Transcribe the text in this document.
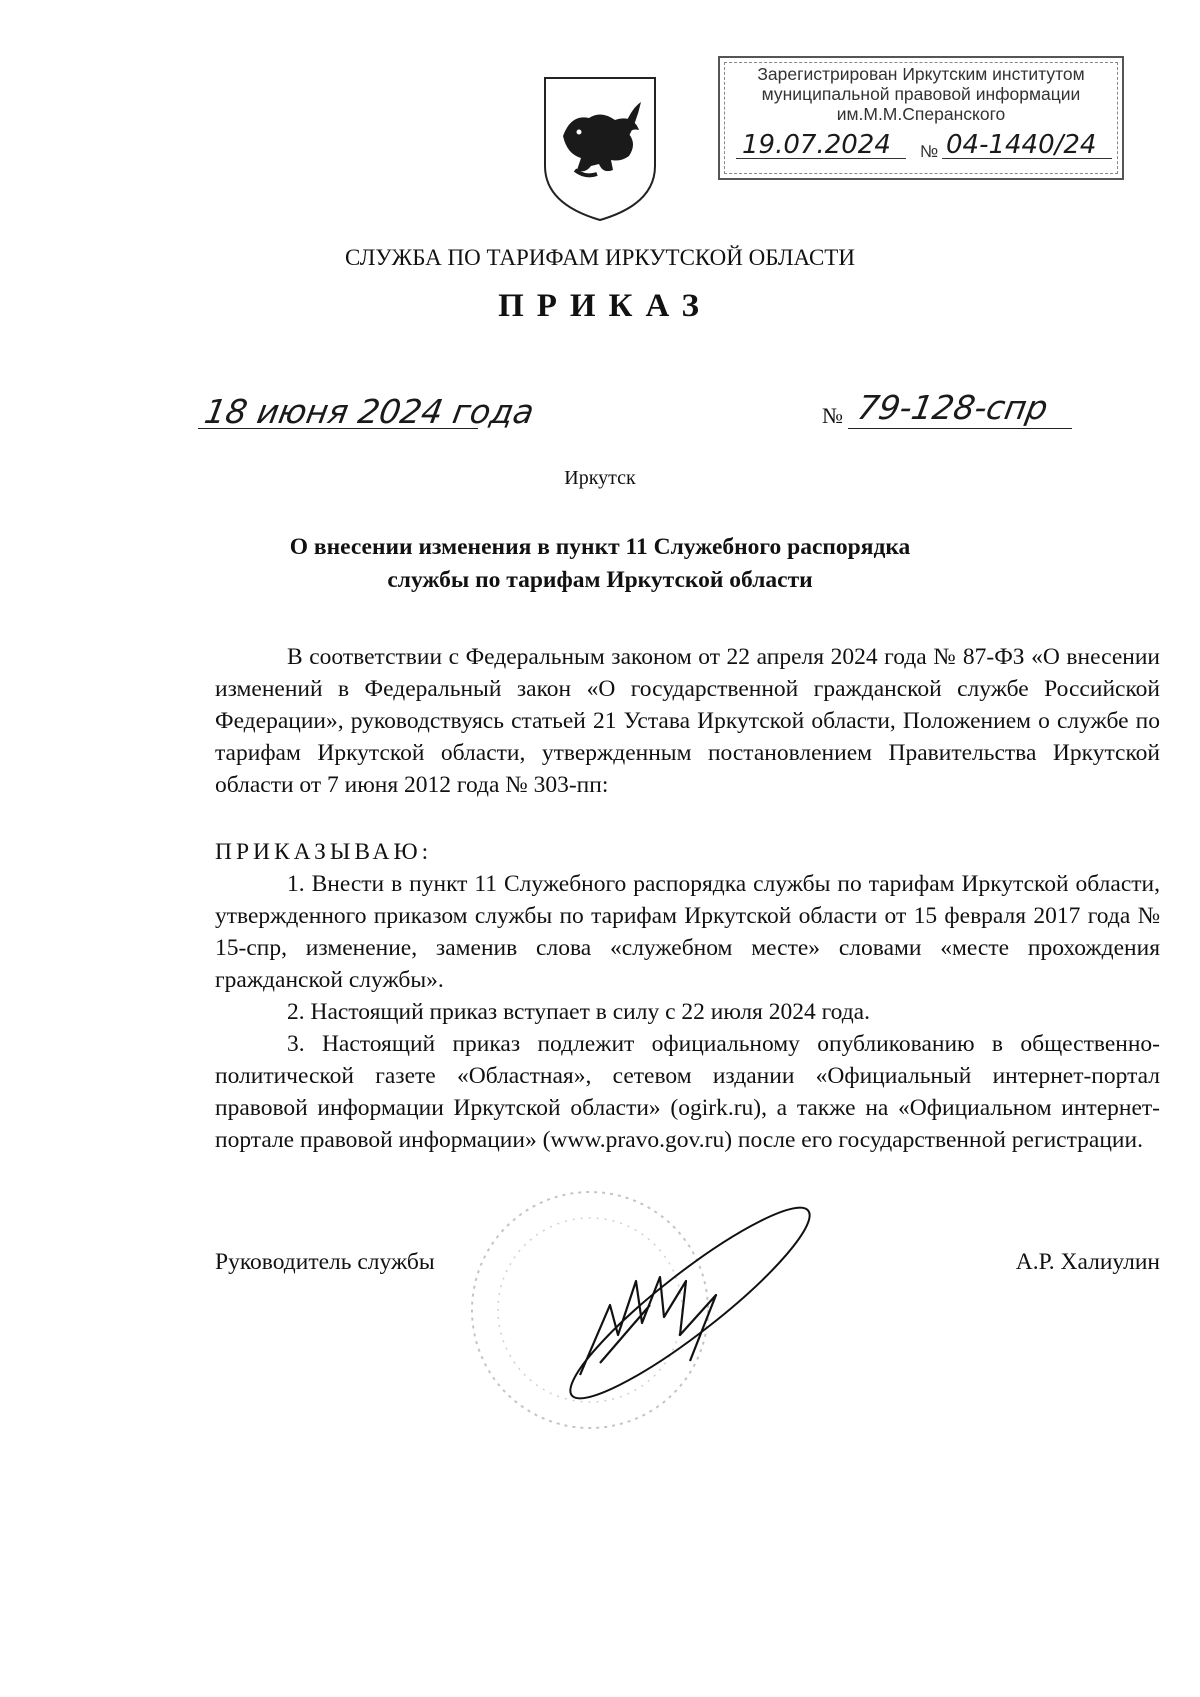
Зарегистрирован Иркутским институтом
муниципальной правовой информации
им.М.М.Сперанского
19.07.2024 № 04-1440/24
СЛУЖБА ПО ТАРИФАМ ИРКУТСКОЙ ОБЛАСТИ
ПРИКАЗ
18 июня 2024 года	№ 79-128-спр
Иркутск
О внесении изменения в пункт 11 Служебного распорядка
службы по тарифам Иркутской области

В соответствии с Федеральным законом от 22 апреля 2024 года № 87-ФЗ «О внесении изменений в Федеральный закон «О государственной гражданской службе Российской Федерации», руководствуясь статьей 21 Устава Иркутской области, Положением о службе по тарифам Иркутской области, утвержденным постановлением Правительства Иркутской области от 7 июня 2012 года № 303-пп:

ПРИКАЗЫВАЮ:

1. Внести в пункт 11 Служебного распорядка службы по тарифам Иркутской области, утвержденного приказом службы по тарифам Иркутской области от 15 февраля 2017 года № 15-спр, изменение, заменив слова «служебном месте» словами «месте прохождения гражданской службы».

2. Настоящий приказ вступает в силу с 22 июля 2024 года.

3. Настоящий приказ подлежит официальному опубликованию в общественно-политической газете «Областная», сетевом издании «Официальный интернет-портал правовой информации Иркутской области» (ogirk.ru), а также на «Официальном интернет-портале правовой информации» (www.pravo.gov.ru) после его государственной регистрации.

Руководитель службы	А.Р. Халиулин
